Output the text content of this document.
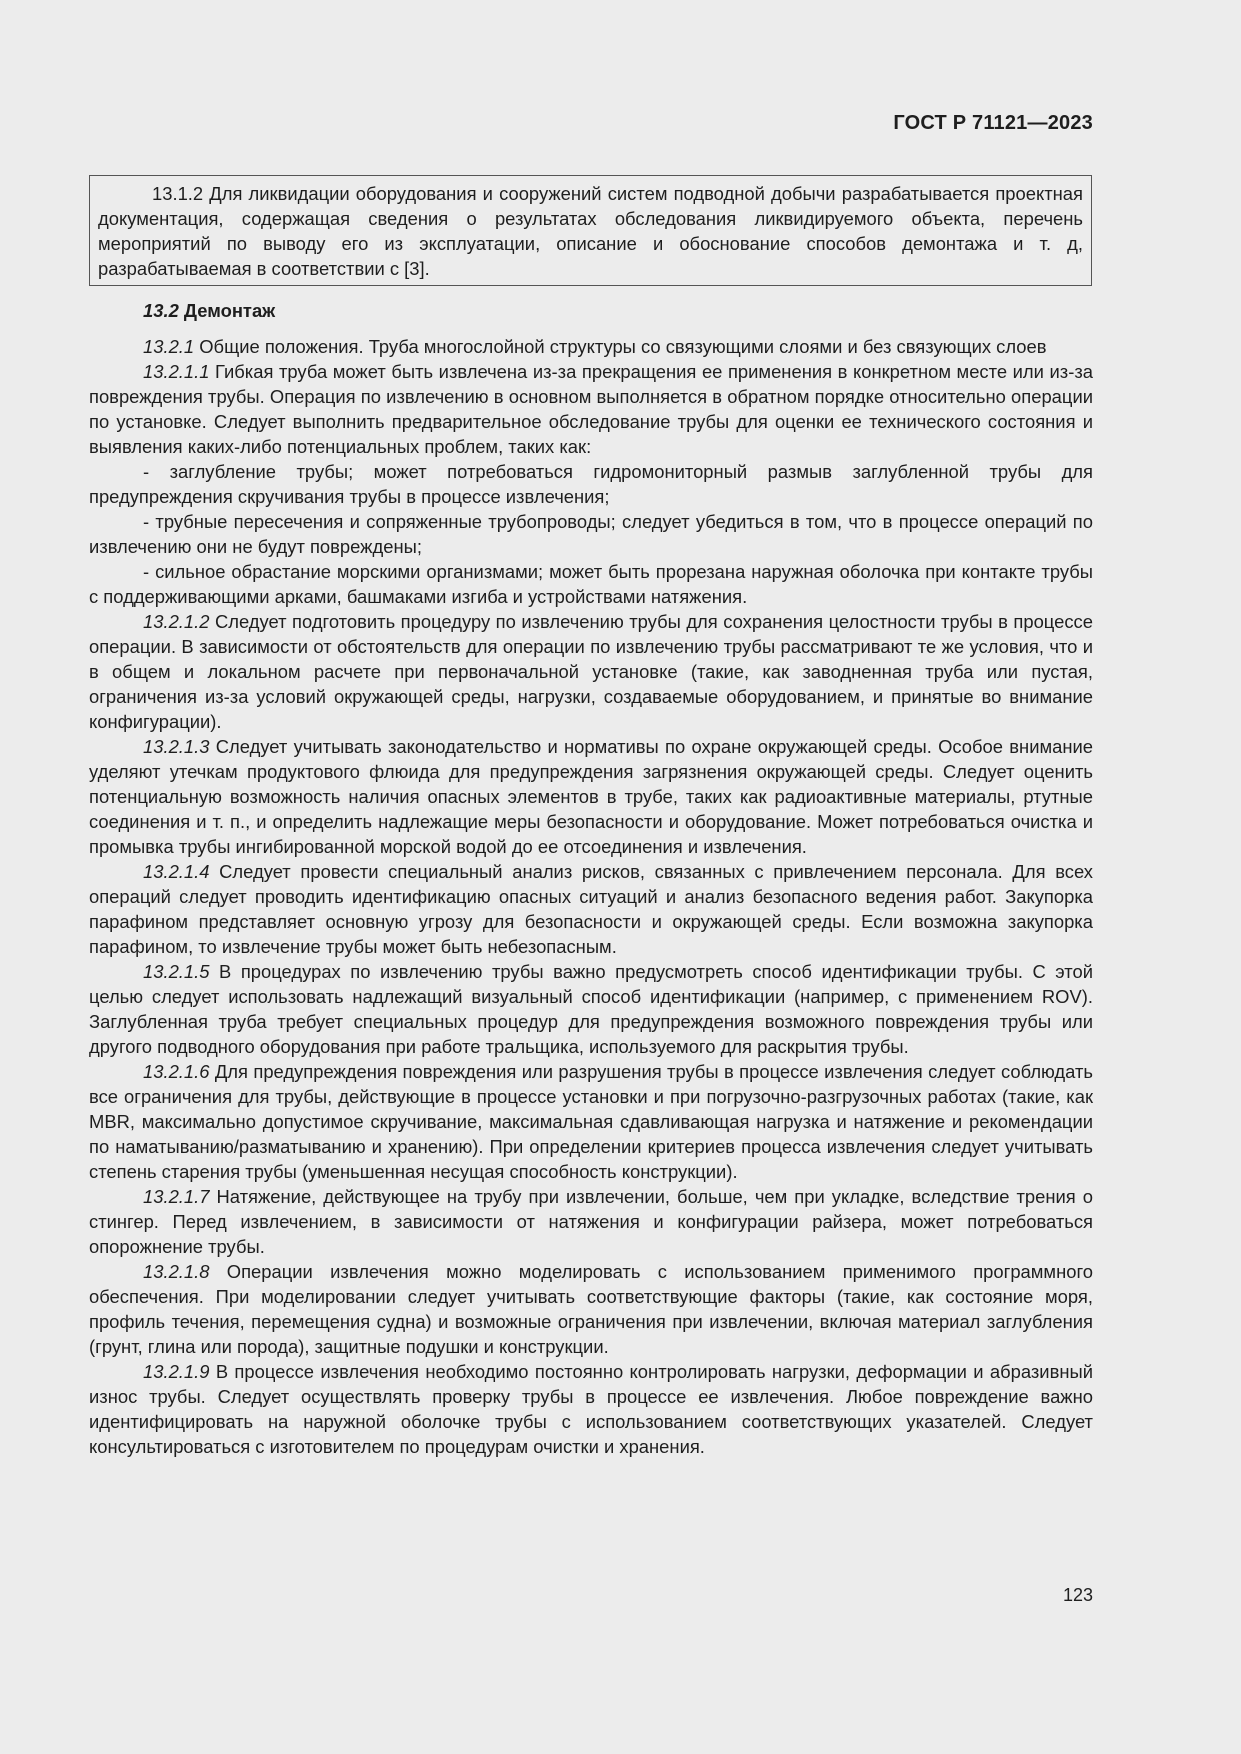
ГОСТ Р 71121—2023

13.1.2 Для ликвидации оборудования и сооружений систем подводной добычи разрабатывается проектная документация, содержащая сведения о результатах обследования ликвидируемого объекта, перечень мероприятий по выводу его из эксплуатации, описание и обоснование способов демонтажа и т. д, разрабатываемая в соответствии с [3].

13.2 Демонтаж

13.2.1 Общие положения. Труба многослойной структуры со связующими слоями и без связующих слоев

13.2.1.1 Гибкая труба может быть извлечена из-за прекращения ее применения в конкретном месте или из-за повреждения трубы. Операция по извлечению в основном выполняется в обратном порядке относительно операции по установке. Следует выполнить предварительное обследование трубы для оценки ее технического состояния и выявления каких-либо потенциальных проблем, таких как:

- заглубление трубы; может потребоваться гидромониторный размыв заглубленной трубы для предупреждения скручивания трубы в процессе извлечения;

- трубные пересечения и сопряженные трубопроводы; следует убедиться в том, что в процессе операций по извлечению они не будут повреждены;

- сильное обрастание морскими организмами; может быть прорезана наружная оболочка при контакте трубы с поддерживающими арками, башмаками изгиба и устройствами натяжения.

13.2.1.2 Следует подготовить процедуру по извлечению трубы для сохранения целостности трубы в процессе операции. В зависимости от обстоятельств для операции по извлечению трубы рассматривают те же условия, что и в общем и локальном расчете при первоначальной установке (такие, как заводненная труба или пустая, ограничения из-за условий окружающей среды, нагрузки, создаваемые оборудованием, и принятые во внимание конфигурации).

13.2.1.3 Следует учитывать законодательство и нормативы по охране окружающей среды. Особое внимание уделяют утечкам продуктового флюида для предупреждения загрязнения окружающей среды. Следует оценить потенциальную возможность наличия опасных элементов в трубе, таких как радиоактивные материалы, ртутные соединения и т. п., и определить надлежащие меры безопасности и оборудование. Может потребоваться очистка и промывка трубы ингибированной морской водой до ее отсоединения и извлечения.

13.2.1.4 Следует провести специальный анализ рисков, связанных с привлечением персонала. Для всех операций следует проводить идентификацию опасных ситуаций и анализ безопасного ведения работ. Закупорка парафином представляет основную угрозу для безопасности и окружающей среды. Если возможна закупорка парафином, то извлечение трубы может быть небезопасным.

13.2.1.5 В процедурах по извлечению трубы важно предусмотреть способ идентификации трубы. С этой целью следует использовать надлежащий визуальный способ идентификации (например, с применением ROV). Заглубленная труба требует специальных процедур для предупреждения возможного повреждения трубы или другого подводного оборудования при работе тральщика, используемого для раскрытия трубы.

13.2.1.6 Для предупреждения повреждения или разрушения трубы в процессе извлечения следует соблюдать все ограничения для трубы, действующие в процессе установки и при погрузочно-разгрузочных работах (такие, как MBR, максимально допустимое скручивание, максимальная сдавливающая нагрузка и натяжение и рекомендации по наматыванию/разматыванию и хранению). При определении критериев процесса извлечения следует учитывать степень старения трубы (уменьшенная несущая способность конструкции).

13.2.1.7 Натяжение, действующее на трубу при извлечении, больше, чем при укладке, вследствие трения о стингер. Перед извлечением, в зависимости от натяжения и конфигурации райзера, может потребоваться опорожнение трубы.

13.2.1.8 Операции извлечения можно моделировать с использованием применимого программного обеспечения. При моделировании следует учитывать соответствующие факторы (такие, как состояние моря, профиль течения, перемещения судна) и возможные ограничения при извлечении, включая материал заглубления (грунт, глина или порода), защитные подушки и конструкции.

13.2.1.9 В процессе извлечения необходимо постоянно контролировать нагрузки, деформации и абразивный износ трубы. Следует осуществлять проверку трубы в процессе ее извлечения. Любое повреждение важно идентифицировать на наружной оболочке трубы с использованием соответствующих указателей. Следует консультироваться с изготовителем по процедурам очистки и хранения.

123
